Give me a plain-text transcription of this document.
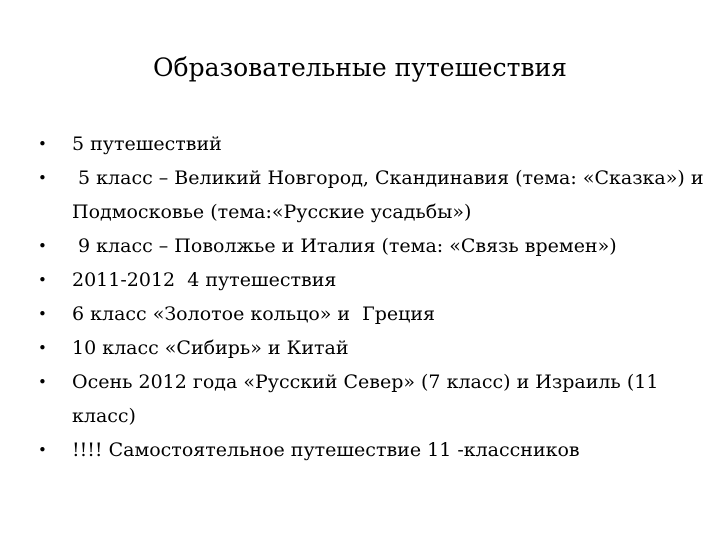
Образовательные путешествия
•	5 путешествий
•	5 класс – Великий Новгород, Скандинавия (тема: «Сказка») и Подмосковье (тема:«Русские усадьбы»)
•	9 класс – Поволжье и Италия (тема: «Связь времен»)
•	2011-2012  4 путешествия
•	6 класс «Золотое кольцо» и  Греция
•	10 класс «Сибирь» и Китай
•	Осень 2012 года «Русский Север» (7 класс) и Израиль (11 класс)
•	!!!! Самостоятельное путешествие 11 -классников
